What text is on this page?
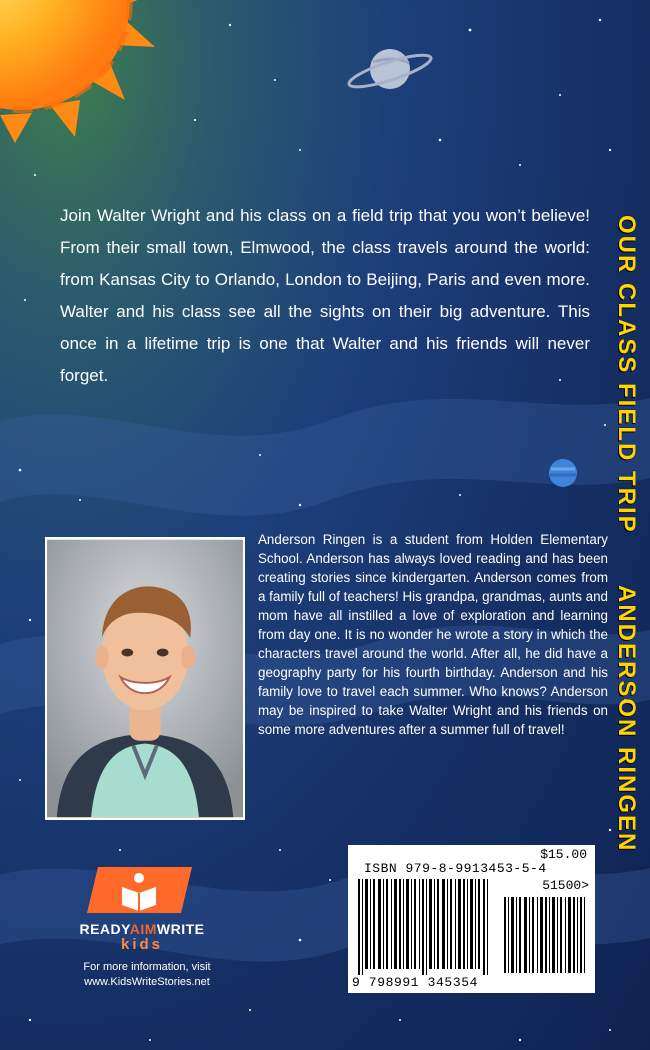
Join Walter Wright and his class on a field trip that you won’t believe! From their small town, Elmwood, the class travels around the world: from Kansas City to Orlando, London to Beijing, Paris and even more. Walter and his class see all the sights on their big adventure. This once in a lifetime trip is one that Walter and his friends will never forget.	OUR CLASS FIELD TRIP
ANDERSON RINGEN

Anderson Ringen is a student from Holden Elementary School. Anderson has always loved reading and has been creating stories since kindergarten. Anderson comes from a family full of teachers! His grandpa, grandmas, aunts and mom have all instilled a love of exploration and learning from day one. It is no wonder he wrote a story in which the characters travel around the world. After all, he did have a geography party for his fourth birthday. Anderson and his family love to travel each summer. Who knows? Anderson may be inspired to take Walter Wright and his friends on some more adventures after a summer full of travel!

READYAIMWRITE
kids
For more information, visit
www.KidsWriteStories.net
$15.00
ISBN 979-8-9913453-5-4
51500>
9 798991 345354
